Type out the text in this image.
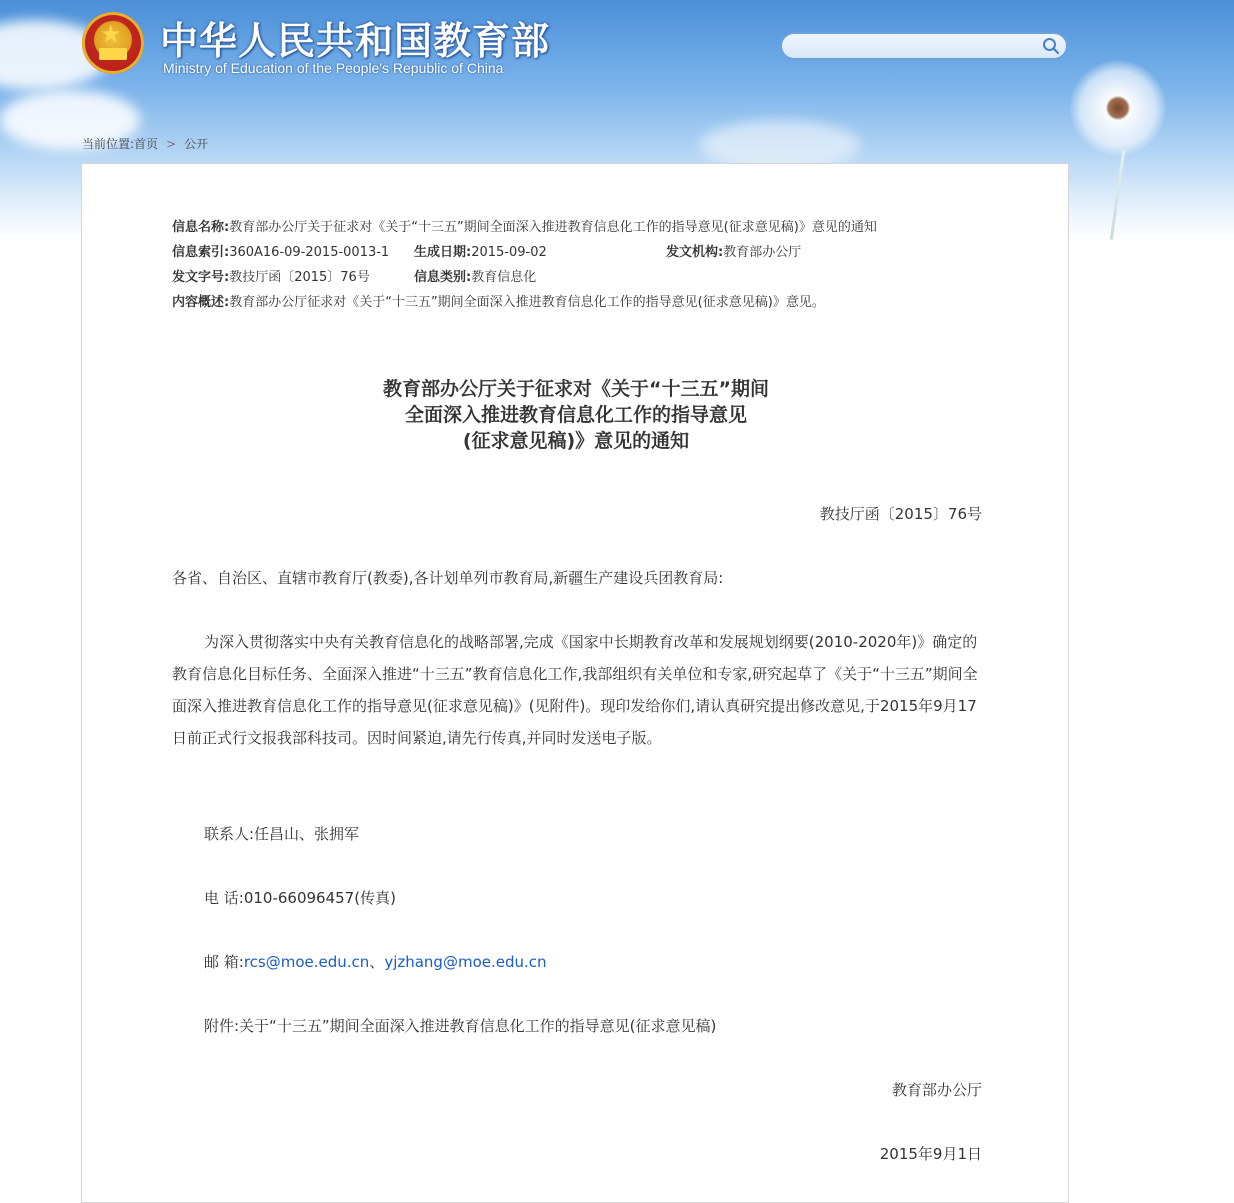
★ 中华人民共和国教育部
Ministry of Education of the People's Republic of China
当前位置:首页 > 公开
信息名称:教育部办公厅关于征求对《关于“十三五”期间全面深入推进教育信息化工作的指导意见(征求意见稿)》意见的通知
信息索引:360A16-09-2015-0013-1 生成日期:2015-09-02	发文机构:教育部办公厅
发文字号:教技厅函〔2015〕76号	信息类别:教育信息化
内容概述:教育部办公厅征求对《关于“十三五”期间全面深入推进教育信息化工作的指导意见(征求意见稿)》意见。
教育部办公厅关于征求对《关于“十三五”期间
全面深入推进教育信息化工作的指导意见
(征求意见稿)》意见的通知
教技厅函〔2015〕76号
各省、自治区、直辖市教育厅(教委),各计划单列市教育局,新疆生产建设兵团教育局:
为深入贯彻落实中央有关教育信息化的战略部署,完成《国家中长期教育改革和发展规划纲要(2010-2020年)》确定的教育信息化目标任务、全面深入推进“十三五”教育信息化工作,我部组织有关单位和专家,研究起草了《关于“十三五”期间全面深入推进教育信息化工作的指导意见(征求意见稿)》(见附件)。现印发给你们,请认真研究提出修改意见,于2015年9月17日前正式行文报我部科技司。因时间紧迫,请先行传真,并同时发送电子版。
联系人:任昌山、张拥军
电 话:010-66096457(传真)
邮 箱:rcs@moe.edu.cn、yjzhang@moe.edu.cn
附件:关于“十三五”期间全面深入推进教育信息化工作的指导意见(征求意见稿)
教育部办公厅
2015年9月1日
